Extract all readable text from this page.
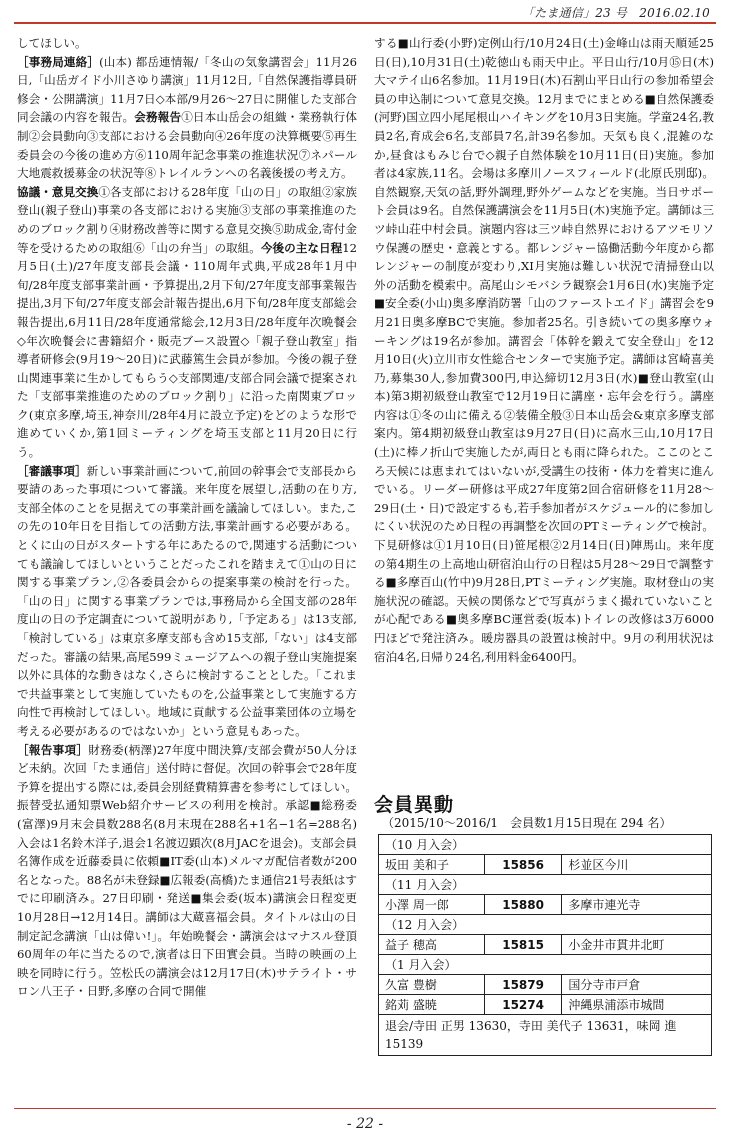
「たま通信」23 号　2016.02.10

してほしい。

［事務局連絡］(山本) 都岳連情報/「冬山の気象講習会」11月26日,「山岳ガイド小川さゆり講演」11月12日,「自然保護指導員研修会・公開講演」11月7日◇本部/9月26〜27日に開催した支部合同会議の内容を報告。会務報告①日本山岳会の組織・業務執行体制②会員動向③支部における会員動向④26年度の決算概要⑤再生委員会の今後の進め方⑥110周年記念事業の推進状況⑦ネパール大地震救援募金の状況等⑧トレイルランへの名義後援の考え方。

協議・意見交換①各支部における28年度「山の日」の取組②家族登山(親子登山)事業の各支部における実施③支部の事業推進のためのブロック割り④財務改善等に関する意見交換⑤助成金,寄付金等を受けるための取組⑥「山の弁当」の取組。今後の主な日程12月5日(土)/27年度支部長会議・110周年式典,平成28年1月中旬/28年度支部事業計画・予算提出,2月下旬/27年度支部事業報告提出,3月下旬/27年度支部会計報告提出,6月下旬/28年度支部総会報告提出,6月11日/28年度通常総会,12月3日/28年度年次晩餐会◇年次晩餐会に書籍紹介・販売ブース設置◇「親子登山教室」指導者研修会(9月19〜20日)に武藤篤生会員が参加。今後の親子登山関連事業に生かしてもらう◇支部関連/支部合同会議で提案された「支部事業推進のためのブロック割り」に沿った南関東ブロック(東京多摩,埼玉,神奈川/28年4月に設立予定)をどのような形で進めていくか,第1回ミーティングを埼玉支部と11月20日に行う。

［審議事項］新しい事業計画について,前回の幹事会で支部長から要請のあった事項について審議。来年度を展望し,活動の在り方,支部全体のことを見据えての事業計画を議論してほしい。また,この先の10年日を目指しての活動方法,事業計画する必要がある。とくに山の日がスタートする年にあたるので,関連する活動についても議論してほしいということだったこれを踏まえて①山の日に関する事業プラン,②各委員会からの提案事業の検討を行った。「山の日」に関する事業プランでは,事務局から全国支部の28年度山の日の予定調査について説明があり,「予定ある」は13支部,「検討している」は東京多摩支部も含め15支部,「ない」は4支部だった。審議の結果,高尾599ミュージアムへの親子登山実施提案以外に具体的な動きはなく,さらに検討することとした。「これまで共益事業として実施していたものを,公益事業として実施する方向性で再検討してほしい。地域に貢献する公益事業団体の立場を考える必要があるのではないか」という意見もあった。

［報告事項］財務委(柄澤)27年度中間決算/支部会費が50人分ほど未納。次回「たま通信」送付時に督促。次回の幹事会で28年度予算を提出する際には,委員会別経費精算書を参考にしてほしい。振替受払通知票Web紹介サービスの利用を検討。承認■総務委(富澤)9月末会員数288名(8月末現在288名+1名−1名=288名)入会は1名鈴木洋子,退会1名渡辺顕次(8月JACを退会)。支部会員名簿作成を近藤委員に依頼■IT委(山本)メルマガ配信者数が200名となった。88名が未登録■広報委(高橋)たま通信21号表紙はすでに印刷済み。27日印刷・発送■集会委(坂本)講演会日程変更10月28日→12月14日。講師は大蔵喜福会員。タイトルは山の日制定記念講演「山は偉い!」。年始晩餐会・講演会はマナスル登頂60周年の年に当たるので,演者は日下田實会員。当時の映画の上映を同時に行う。笠松氏の講演会は12月17日(木)サテライト・サロン八王子・日野,多摩の合同で開催

する■山行委(小野)定例山行/10月24日(土)金峰山は雨天順延25日(日),10月31日(土)乾徳山も雨天中止。平日山行/10月⑮日(木)大マテイ山6名参加。11月19日(木)石割山平日山行の参加希望会員の申込制について意見交換。12月までにまとめる■自然保護委(河野)国立四小尾尾根山ハイキングを10月3日実施。学童24名,教員2名,育成会6名,支部員7名,計39名参加。天気も良く,混雑のなか,昼食はもみじ台で◇親子自然体験を10月11日(日)実施。参加者は4家族,11名。会場は多摩川ノースフィールド(北原氏別邸)。自然観察,天気の話,野外調理,野外ゲームなどを実施。当日サポート会員は9名。自然保護講演会を11月5日(木)実施予定。講師は三ツ峠山荘中村会員。演題内容は三ツ峠自然界におけるアツモリソウ保護の歴史・意義とする。都レンジャー協働活動今年度から都レンジャーの制度が変わり,XI月実施は難しい状況で清掃登山以外の活動を模索中。高尾山シモバシラ観察会1月6日(水)実施予定■安全委(小山)奥多摩消防署「山のファーストエイド」講習会を9月21日奥多摩BCで実施。参加者25名。引き続いての奥多摩ウォーキングは19名が参加。講習会「体幹を鍛えて安全登山」を12月10日(火)立川市女性総合センターで実施予定。講師は宮崎喜美乃,募集30人,参加費300円,申込締切12月3日(水)■登山教室(山本)第3期初級登山教室で12月19日に講座・忘年会を行う。講座内容は①冬の山に備える②装備全般③日本山岳会&東京多摩支部案内。第4期初級登山教室は9月27日(日)に高水三山,10月17日(土)に棒ノ折山で実施したが,両日とも雨に降られた。ここのところ天候には恵まれてはいないが,受講生の技術・体力を着実に進んでいる。リーダー研修は平成27年度第2回合宿研修を11月28〜29日(土・日)で設定するも,若手参加者がスケジュール的に参加しにくい状況のため日程の再調整を次回のPTミーティングで検討。下見研修は①1月10日(日)笹尾根②2月14日(日)陣馬山。来年度の第4期生の上高地山研宿泊山行の日程は5月28〜29日で調整する■多摩百山(竹中)9月28日,PTミーティング実施。取材登山の実施状況の確認。天候の関係などで写真がうまく撮れていないことが心配である■奥多摩BC運営委(坂本)トイレの改修は3万6000円ほどで発注済み。暖房器具の設置は検討中。9月の利用状況は宿泊4名,日帰り24名,利用料金6400円。

会員異動
（2015/10〜2016/1　会員数1月15日現在 294 名）
（10 月入会）		
坂田 美和子	15856	杉並区今川
（11 月入会）		
小澤 周一郎	15880	多摩市連光寺
（12 月入会）		
益子 穂高	15815	小金井市貫井北町
（1 月入会）		
久富 豊樹	15879	国分寺市戸倉
銘苅 盛暁	15274	沖縄県浦添市城間
退会/寺田 正男 13630，寺田 美代子 13631，味岡 進 15139		
- 22 -
